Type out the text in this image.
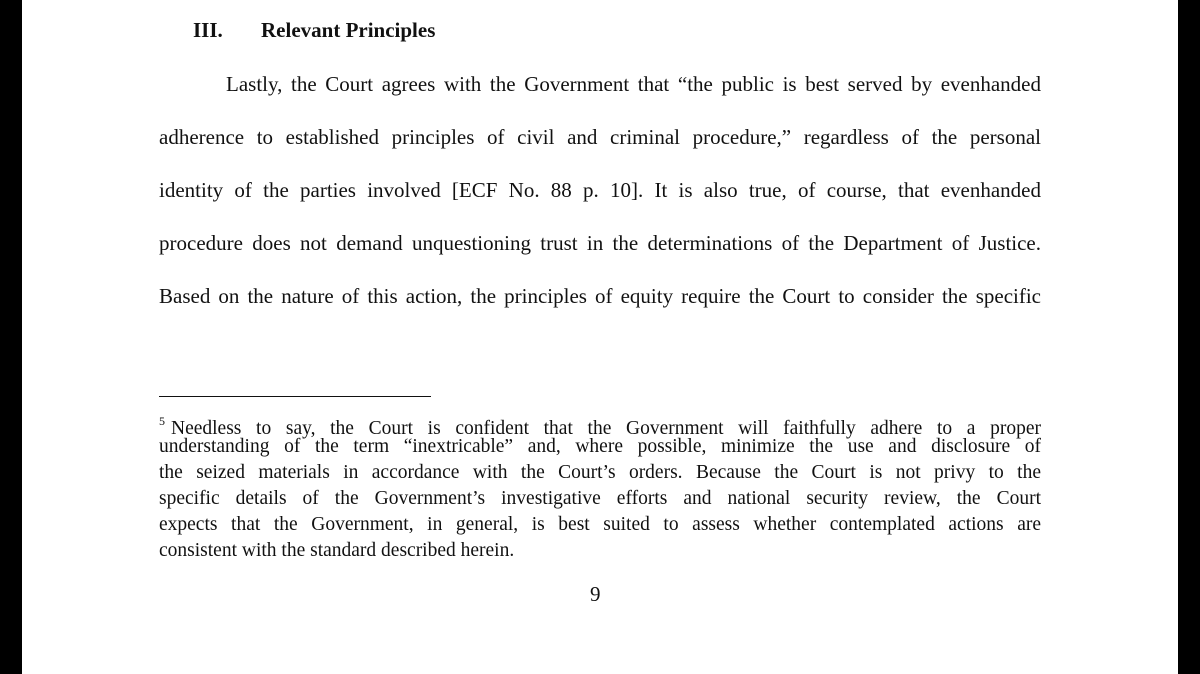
III. Relevant Principles
Lastly, the Court agrees with the Government that “the public is best served by evenhanded
adherence to established principles of civil and criminal procedure,” regardless of the personal
identity of the parties involved [ECF No. 88 p. 10]. It is also true, of course, that evenhanded
procedure does not demand unquestioning trust in the determinations of the Department of Justice.
Based on the nature of this action, the principles of equity require the Court to consider the specific
$^5$ Needless to say, the Court is confident that the Government will faithfully adhere to a proper
understanding of the term “inextricable” and, where possible, minimize the use and disclosure of
the seized materials in accordance with the Court’s orders. Because the Court is not privy to the
specific details of the Government’s investigative efforts and national security review, the Court
expects that the Government, in general, is best suited to assess whether contemplated actions are
consistent with the standard described herein.
9
